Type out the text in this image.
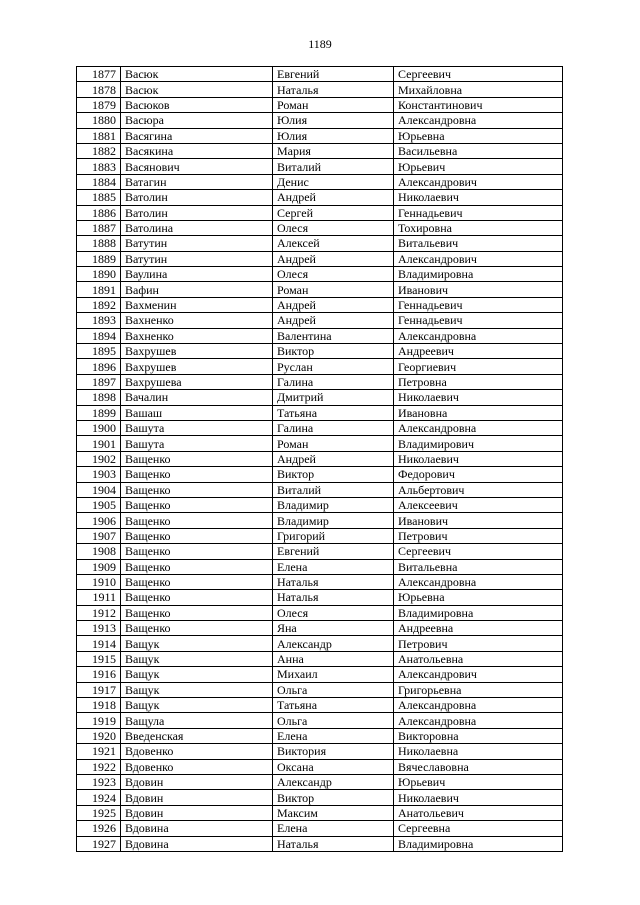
1189
1877	Васюк	Евгений	Сергеевич
1878	Васюк	Наталья	Михайловна
1879	Васюков	Роман	Константинович
1880	Васюра	Юлия	Александровна
1881	Васягина	Юлия	Юрьевна
1882	Васякина	Мария	Васильевна
1883	Васянович	Виталий	Юрьевич
1884	Ватагин	Денис	Александрович
1885	Ватолин	Андрей	Николаевич
1886	Ватолин	Сергей	Геннадьевич
1887	Ватолина	Олеся	Тохировна
1888	Ватутин	Алексей	Витальевич
1889	Ватутин	Андрей	Александрович
1890	Ваулина	Олеся	Владимировна
1891	Вафин	Роман	Иванович
1892	Вахменин	Андрей	Геннадьевич
1893	Вахненко	Андрей	Геннадьевич
1894	Вахненко	Валентина	Александровна
1895	Вахрушев	Виктор	Андреевич
1896	Вахрушев	Руслан	Георгиевич
1897	Вахрушева	Галина	Петровна
1898	Вачалин	Дмитрий	Николаевич
1899	Вашаш	Татьяна	Ивановна
1900	Вашута	Галина	Александровна
1901	Вашута	Роман	Владимирович
1902	Ващенко	Андрей	Николаевич
1903	Ващенко	Виктор	Федорович
1904	Ващенко	Виталий	Альбертович
1905	Ващенко	Владимир	Алексеевич
1906	Ващенко	Владимир	Иванович
1907	Ващенко	Григорий	Петрович
1908	Ващенко	Евгений	Сергеевич
1909	Ващенко	Елена	Витальевна
1910	Ващенко	Наталья	Александровна
1911	Ващенко	Наталья	Юрьевна
1912	Ващенко	Олеся	Владимировна
1913	Ващенко	Яна	Андреевна
1914	Ващук	Александр	Петрович
1915	Ващук	Анна	Анатольевна
1916	Ващук	Михаил	Александрович
1917	Ващук	Ольга	Григорьевна
1918	Ващук	Татьяна	Александровна
1919	Ващула	Ольга	Александровна
1920	Введенская	Елена	Викторовна
1921	Вдовенко	Виктория	Николаевна
1922	Вдовенко	Оксана	Вячеславовна
1923	Вдовин	Александр	Юрьевич
1924	Вдовин	Виктор	Николаевич
1925	Вдовин	Максим	Анатольевич
1926	Вдовина	Елена	Сергеевна
1927	Вдовина	Наталья	Владимировна
